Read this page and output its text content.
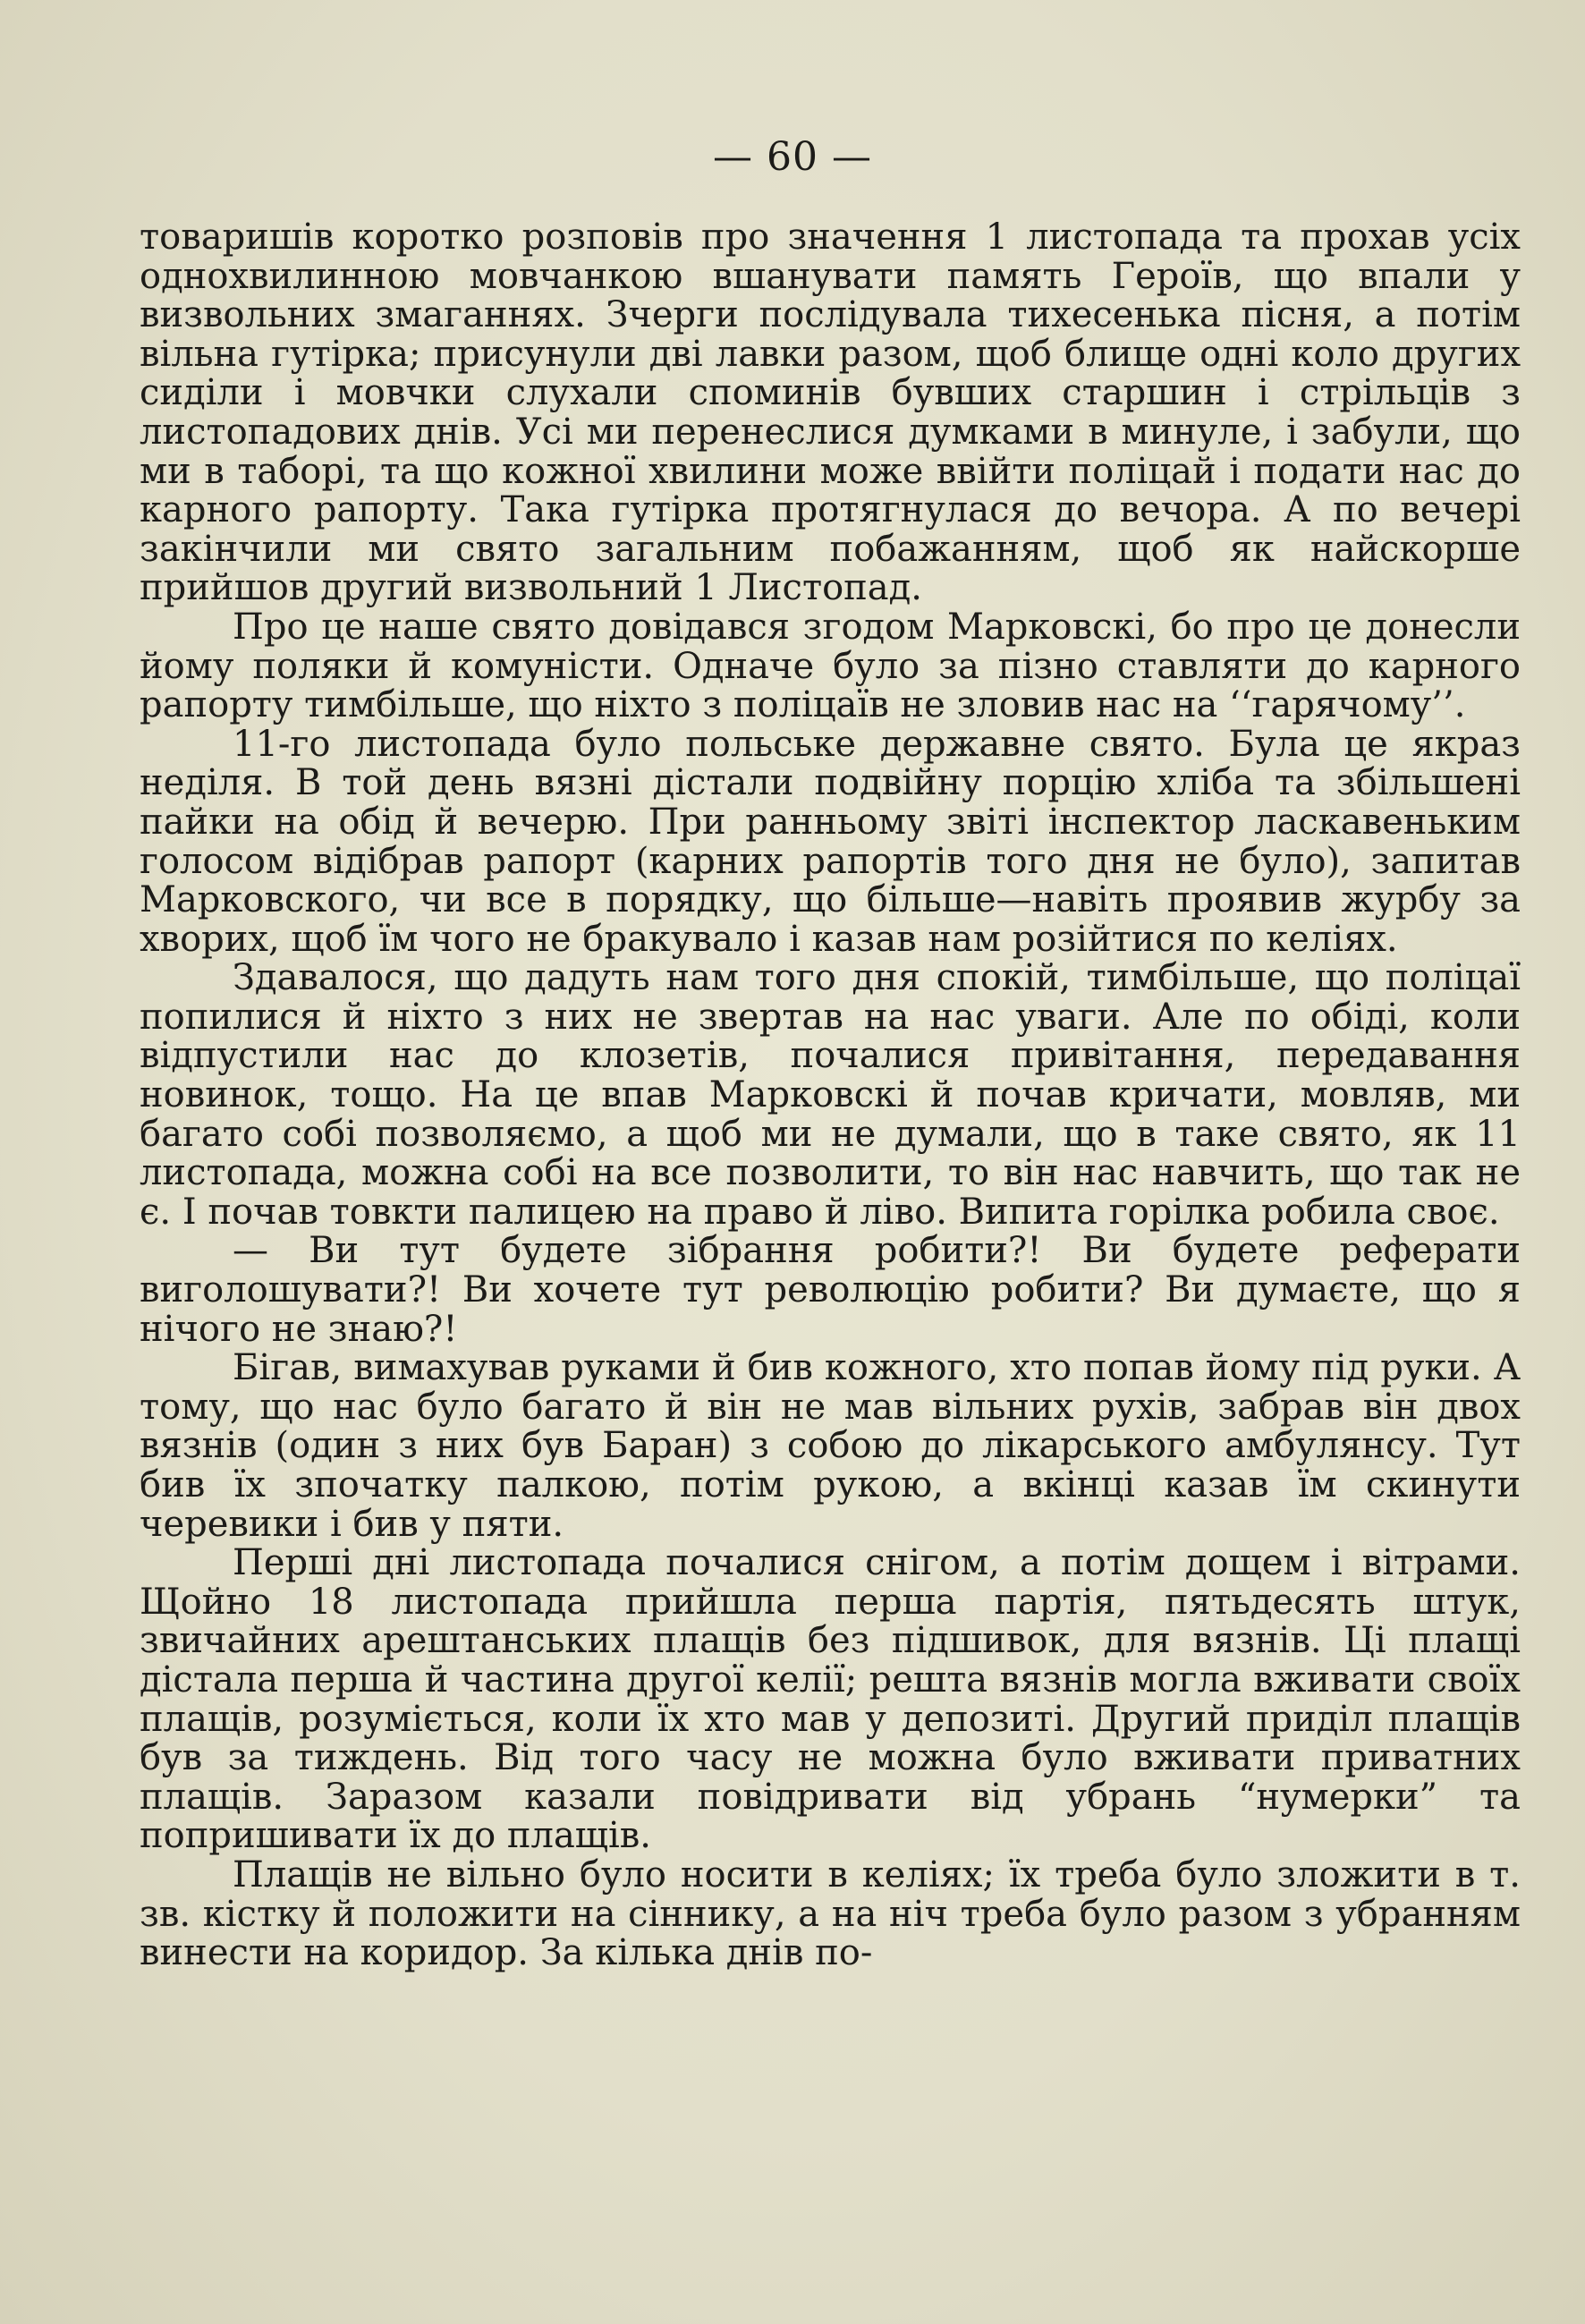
— 60 —

товаришів коротко розповів про значення 1 листопада та прохав усіх однохвилинною мовчанкою вшанувати память Героїв, що впали у визвольних змаганнях. Зчерги послідувала тихесенька пісня, а потім вільна гутірка; присунули дві лавки разом, щоб блище одні коло других сиділи і мовчки слухали споминів бувших старшин і стрільців з листопадових днів. Усі ми перенеслися думками в минуле, і забули, що ми в таборі, та що кожної хвилини може ввійти поліцай і подати нас до карного рапорту. Така гутірка протягнулася до вечора. А по вечері закінчили ми свято загальним побажанням, щоб як найскорше прийшов другий визвольний 1 Листопад.

Про це наше свято довідався згодом Марковскі, бо про це донесли йому поляки й комуністи. Одначе було за пізно ставляти до карного рапорту тимбільше, що ніхто з поліцаїв не зловив нас на ‘‘гарячому’’.

11-го листопада було польське державне свято. Була це якраз неділя. В той день вязні дістали подвійну порцію хліба та збільшені пайки на обід й вечерю. При ранньому звіті інспектор ласкавеньким голосом відібрав рапорт (карних рапортів того дня не було), запитав Марковского, чи все в порядку, що більше—навіть проявив журбу за хворих, щоб їм чого не бракувало і казав нам розійтися по келіях.

Здавалося, що дадуть нам того дня спокій, тимбільше, що поліцаї попилися й ніхто з них не звертав на нас уваги. Але по обіді, коли відпустили нас до клозетів, почалися привітання, передавання новинок, тощо. На це впав Марковскі й почав кричати, мовляв, ми багато собі позволяємо, а щоб ми не думали, що в таке свято, як 11 листопада, можна собі на все позволити, то він нас навчить, що так не є. І почав товкти палицею на право й ліво. Випита горілка робила своє.

— Ви тут будете зібрання робити?! Ви будете реферати виголошувати?! Ви хочете тут революцію робити? Ви думаєте, що я нічого не знаю?!

Бігав, вимахував руками й бив кожного, хто попав йому під руки. А тому, що нас було багато й він не мав вільних рухів, забрав він двох вязнів (один з них був Баран) з собою до лікарського амбулянсу. Тут бив їх зпочатку палкою, потім рукою, а вкінці казав їм скинути черевики і бив у пяти.

Перші дні листопада почалися снігом, а потім дощем і вітрами. Щойно 18 листопада прийшла перша партія, пятьдесять штук, звичайних арештанських плащів без підшивок, для вязнів. Ці плащі дістала перша й частина другої келії; решта вязнів могла вживати своїх плащів, розуміється, коли їх хто мав у депозиті. Другий приділ плащів був за тиждень. Від того часу не можна було вживати приватних плащів. Заразом казали повідривати від убрань “нумерки” та попришивати їх до плащів.

Плащів не вільно було носити в келіях; їх треба було зложити в т. зв. кістку й положити на сіннику, а на ніч треба було разом з убранням винести на коридор. За кілька днів по-
